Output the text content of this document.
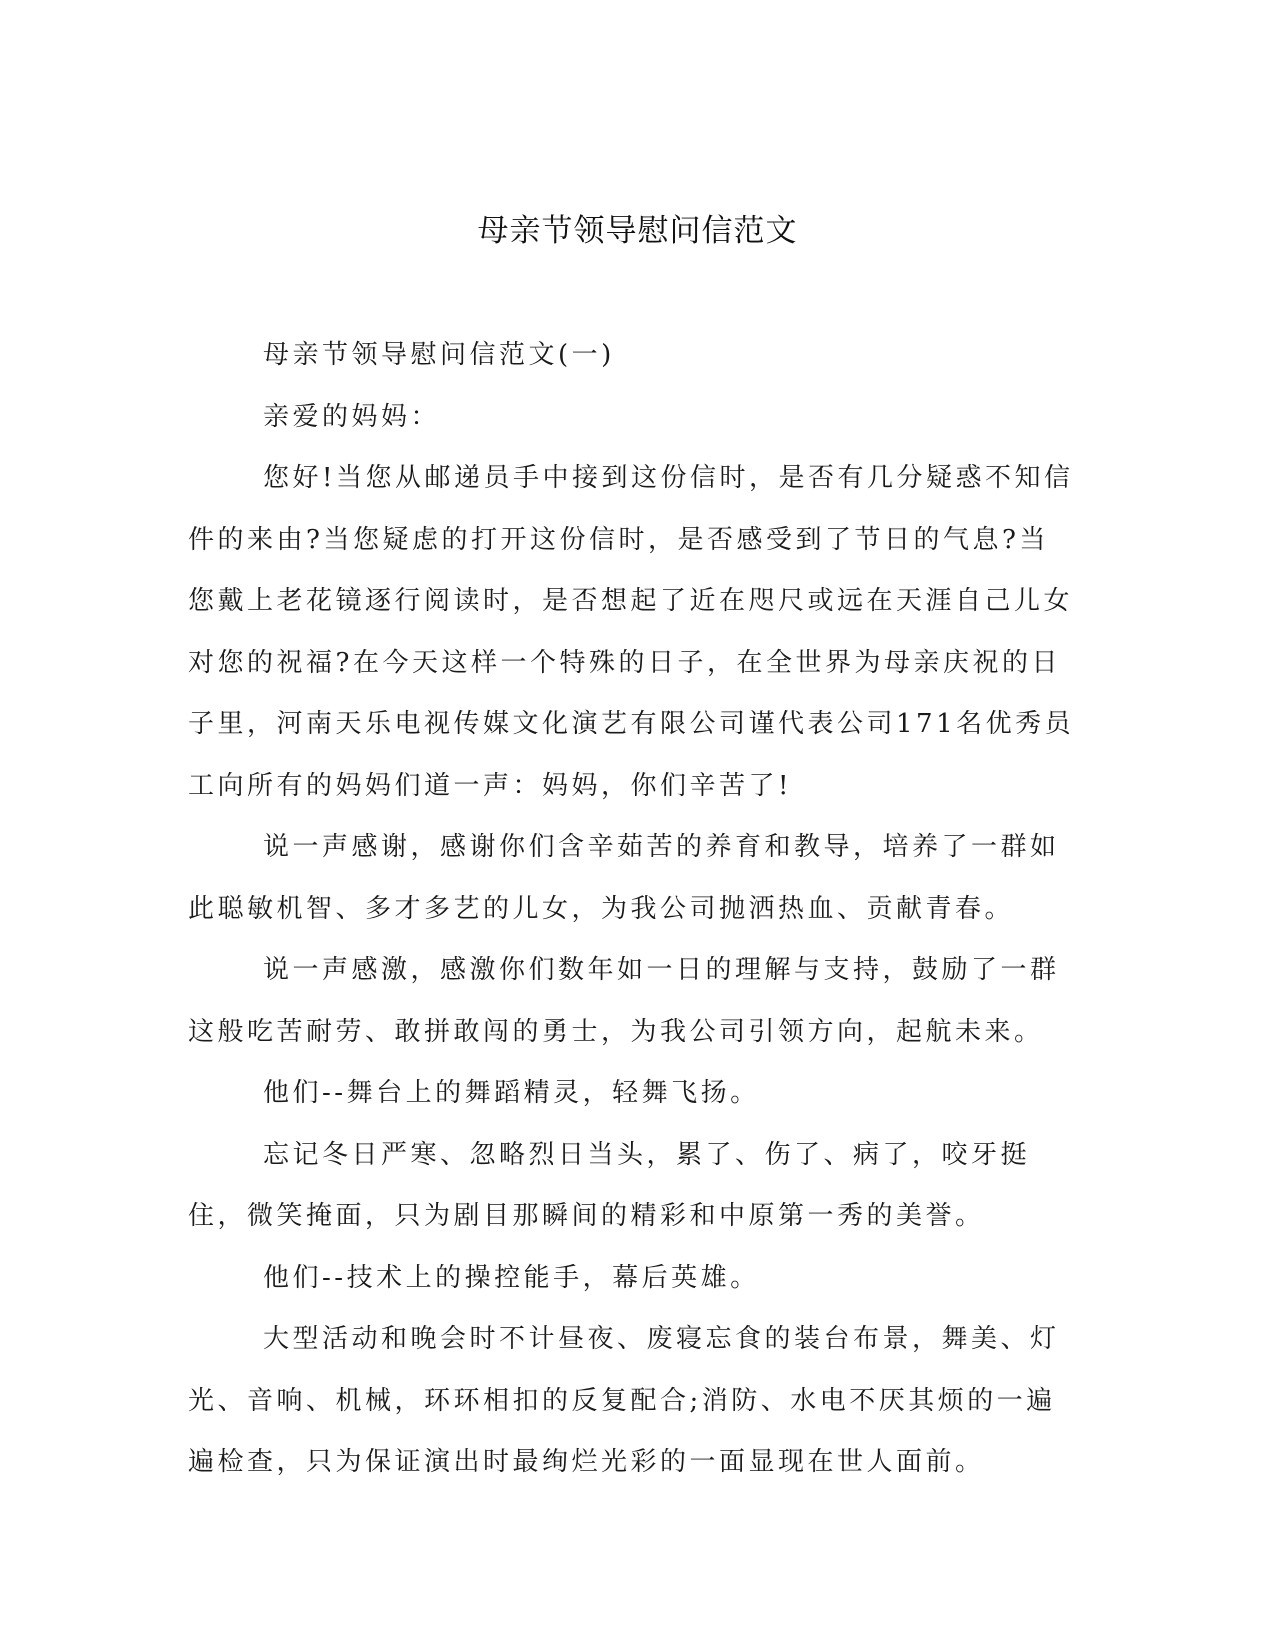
母亲节领导慰问信范文

母亲节领导慰问信范文(一)

亲爱的妈妈：

您好!当您从邮递员手中接到这份信时，是否有几分疑惑不知信件的来由?当您疑虑的打开这份信时，是否感受到了节日的气息?当您戴上老花镜逐行阅读时，是否想起了近在咫尺或远在天涯自己儿女对您的祝福?在今天这样一个特殊的日子，在全世界为母亲庆祝的日子里，河南天乐电视传媒文化演艺有限公司谨代表公司171名优秀员工向所有的妈妈们道一声：妈妈，你们辛苦了!

说一声感谢，感谢你们含辛茹苦的养育和教导，培养了一群如此聪敏机智、多才多艺的儿女，为我公司抛洒热血、贡献青春。

说一声感激，感激你们数年如一日的理解与支持，鼓励了一群这般吃苦耐劳、敢拼敢闯的勇士，为我公司引领方向，起航未来。

他们--舞台上的舞蹈精灵，轻舞飞扬。

忘记冬日严寒、忽略烈日当头，累了、伤了、病了，咬牙挺住，微笑掩面，只为剧目那瞬间的精彩和中原第一秀的美誉。

他们--技术上的操控能手，幕后英雄。

大型活动和晚会时不计昼夜、废寝忘食的装台布景，舞美、灯光、音响、机械，环环相扣的反复配合;消防、水电不厌其烦的一遍遍检查，只为保证演出时最绚烂光彩的一面显现在世人面前。
